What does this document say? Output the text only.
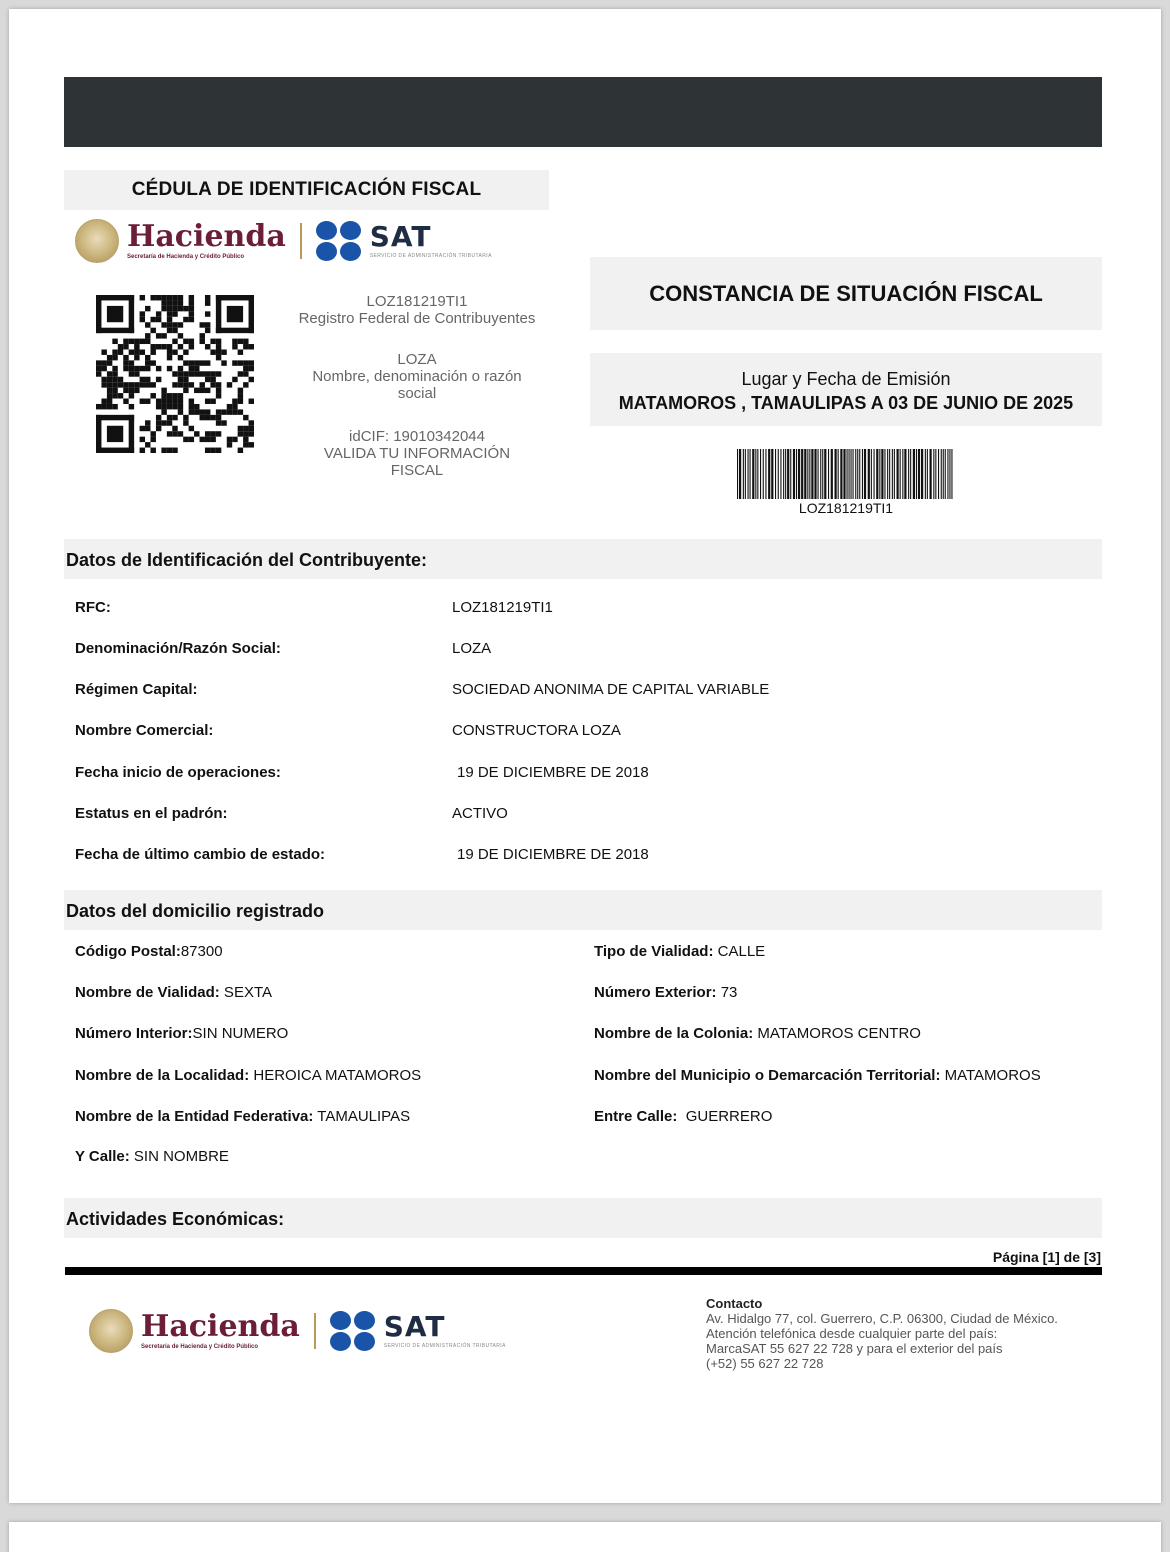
CÉDULA DE IDENTIFICACIÓN FISCAL
Hacienda
Secretaría de Hacienda y Crédito Público
SAT
SERVICIO DE ADMINISTRACIÓN TRIBUTARIA
LOZ181219TI1
Registro Federal de Contribuyentes
LOZA
Nombre, denominación o razón
social
idCIF: 19010342044
VALIDA TU INFORMACIÓN
FISCAL
CONSTANCIA DE SITUACIÓN FISCAL
Lugar y Fecha de Emisión
MATAMOROS , TAMAULIPAS A 03 DE JUNIO DE 2025
LOZ181219TI1
Datos de Identificación del Contribuyente:
Datos del domicilio registrado
Actividades Económicas:
Página [1] de [3]
Hacienda
Secretaría de Hacienda y Crédito Público
SAT
SERVICIO DE ADMINISTRACIÓN TRIBUTARIA
Contacto
Av. Hidalgo 77, col. Guerrero, C.P. 06300, Ciudad de México.
Atención telefónica desde cualquier parte del país:
MarcaSAT 55 627 22 728 y para el exterior del país
(+52) 55 627 22 728
RFC:	LOZ181219TI1
Denominación/Razón Social:	LOZA
Régimen Capital:	SOCIEDAD ANONIMA DE CAPITAL VARIABLE
Nombre Comercial:	CONSTRUCTORA LOZA
Fecha inicio de operaciones:	19 DE DICIEMBRE DE 2018
Estatus en el padrón:	ACTIVO
Fecha de último cambio de estado:	19 DE DICIEMBRE DE 2018
Código Postal:87300
Nombre de Vialidad: SEXTA
Número Interior:SIN NUMERO
Nombre de la Localidad: HEROICA MATAMOROS
Nombre de la Entidad Federativa: TAMAULIPAS
Y Calle: SIN NOMBRE
Tipo de Vialidad: CALLE
Número Exterior: 73
Nombre de la Colonia: MATAMOROS CENTRO
Nombre del Municipio o Demarcación Territorial: MATAMOROS
Entre Calle:  GUERRERO
